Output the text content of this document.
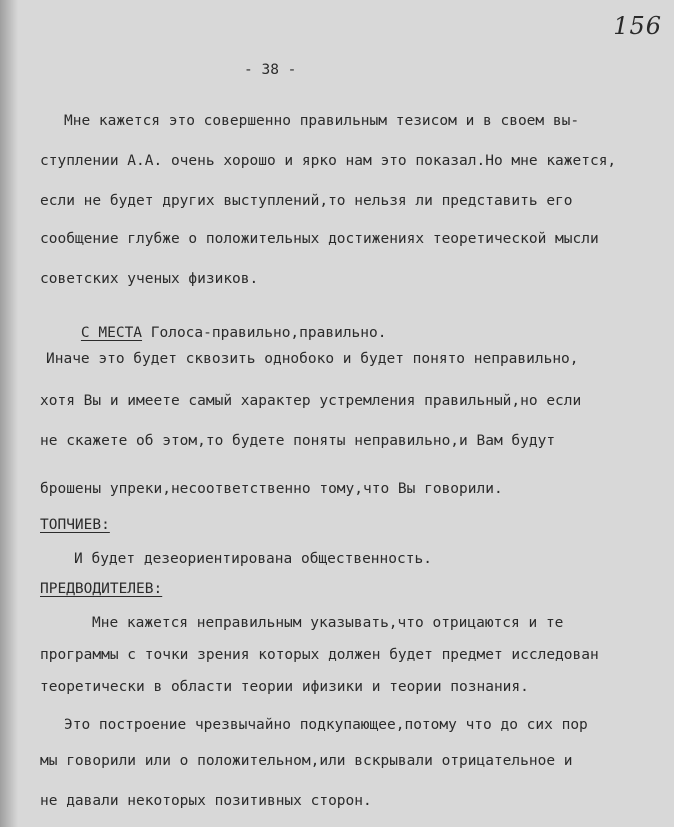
156
- 38 -
Мне кажется это совершенно правильным тезисом и в своем вы-
ступлении А.А. очень хорошо и ярко нам это показал.Но мне кажется,
если не будет других выступлений,то нельзя ли представить его
сообщение глубже о положительных достижениях теоретической мысли
советских ученых физиков.

С МЕСТА Голоса-правильно,правильно.

Иначе это будет сквозить однобоко и будет понято неправильно,
хотя Вы и имеете самый характер устремления правильный,но если
не скажете об этом,то будете поняты неправильно,и Вам будут
брошены упреки,несоответственно тому,что Вы говорили.
ТОПЧИЕВ:
И будет дезеориентирована общественность.
ПРЕДВОДИТЕЛЕВ:
Мне кажется неправильным указывать,что отрицаются и те
программы с точки зрения которых должен будет предмет исследован
теоретически в области теории ифизики и теории познания.
Это построение чрезвычайно подкупающее,потому что до сих пор
мы говорили или о положительном,или вскрывали отрицательное и
не давали некоторых позитивных сторон.
